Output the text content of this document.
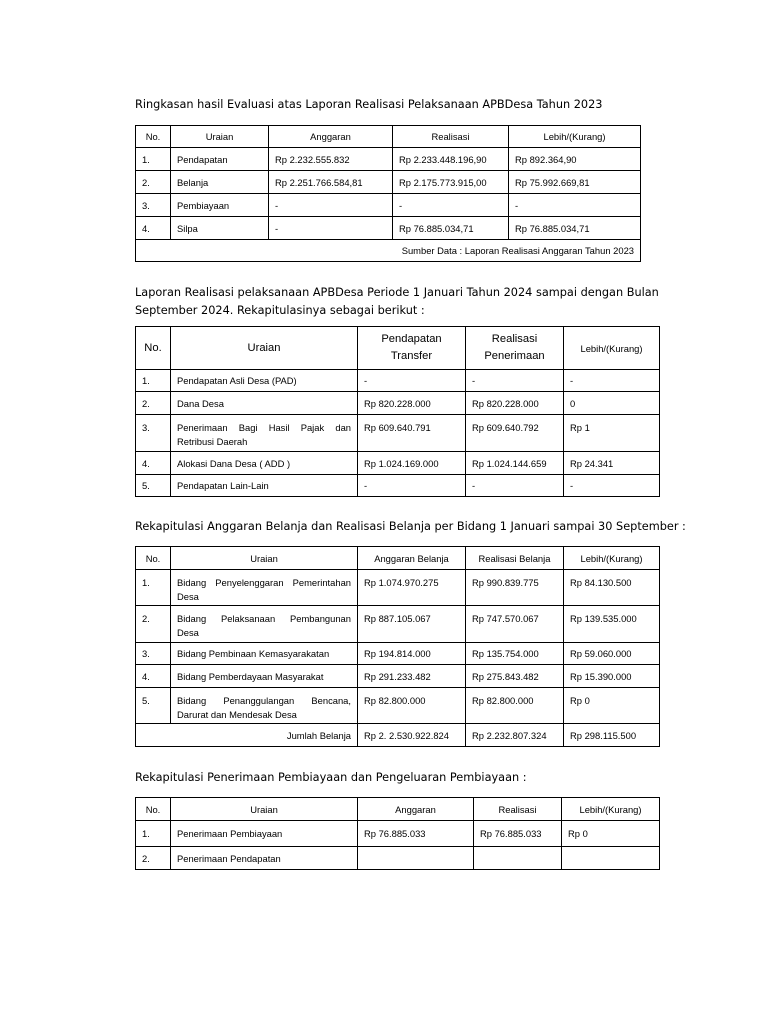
Ringkasan hasil Evaluasi atas Laporan Realisasi Pelaksanaan APBDesa Tahun 2023
No.	Uraian	Anggaran	Realisasi	Lebih/(Kurang)
1.	Pendapatan	Rp 2.232.555.832	Rp 2.233.448.196,90	Rp 892.364,90
2.	Belanja	Rp 2.251.766.584,81	Rp 2.175.773.915,00	Rp 75.992.669,81
3.	Pembiayaan	-	-	-
4.	Silpa	-	Rp 76.885.034,71	Rp 76.885.034,71
Sumber Data : Laporan Realisasi Anggaran Tahun 2023				
Laporan Realisasi pelaksanaan APBDesa Periode 1 Januari Tahun 2024 sampai dengan Bulan September 2024. Rekapitulasinya sebagai berikut :
No.	Uraian	Pendapatan Transfer	Realisasi Penerimaan	Lebih/(Kurang)
1.	Pendapatan Asli Desa (PAD)	-	-	-
2.	Dana Desa	Rp 820.228.000	Rp 820.228.000	0
3.	Penerimaan Bagi Hasil Pajak dan Retribusi Daerah	Rp 609.640.791	Rp 609.640.792	Rp 1
4.	Alokasi Dana Desa ( ADD )	Rp 1.024.169.000	Rp 1.024.144.659	Rp 24.341
5.	Pendapatan Lain-Lain	-	-	-
Rekapitulasi Anggaran Belanja dan Realisasi Belanja per Bidang 1 Januari sampai 30 September :
No.	Uraian	Anggaran Belanja	Realisasi Belanja	Lebih/(Kurang)
1.	Bidang Penyelenggaran Pemerintahan Desa	Rp 1.074.970.275	Rp 990.839.775	Rp 84.130.500
2.	Bidang Pelaksanaan Pembangunan Desa	Rp 887.105.067	Rp 747.570.067	Rp 139.535.000
3.	Bidang Pembinaan Kemasyarakatan	Rp 194.814.000	Rp 135.754.000	Rp 59.060.000
4.	Bidang Pemberdayaan Masyarakat	Rp 291.233.482	Rp 275.843.482	Rp 15.390.000
5.	Bidang Penanggulangan Bencana, Darurat dan Mendesak Desa	Rp 82.800.000	Rp 82.800.000	Rp 0
Jumlah Belanja		Rp 2. 2.530.922.824	Rp 2.232.807.324	Rp 298.115.500
Rekapitulasi Penerimaan Pembiayaan dan Pengeluaran Pembiayaan :
No.	Uraian	Anggaran	Realisasi	Lebih/(Kurang)
1.	Penerimaan Pembiayaan	Rp 76.885.033	Rp 76.885.033	Rp 0
2.	Penerimaan Pendapatan			
